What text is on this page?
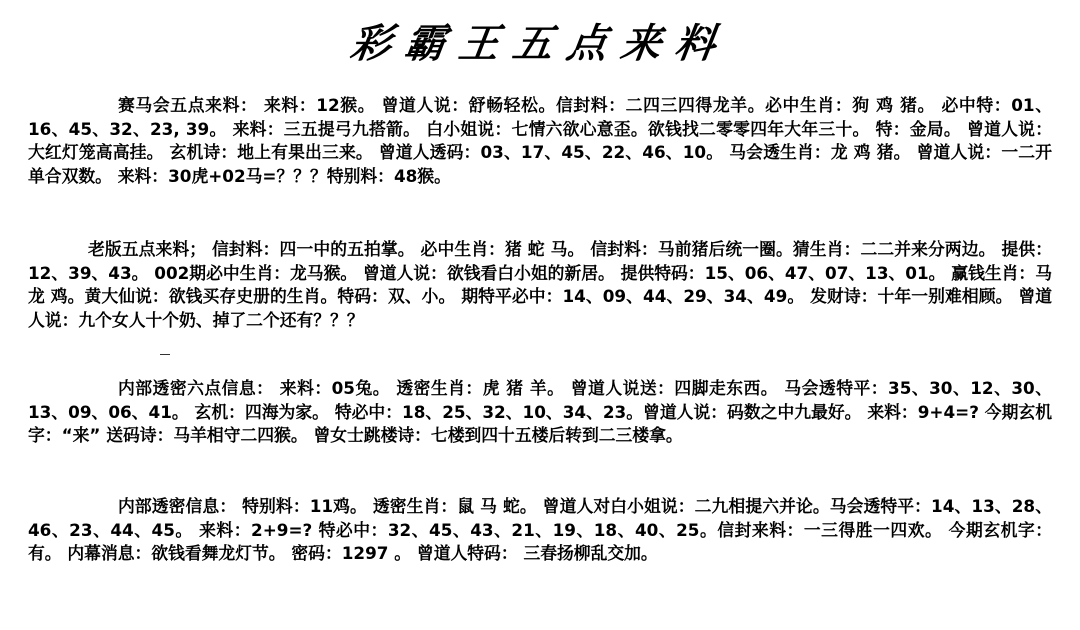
彩霸王五点来料
赛马会五点来料： 来料：12猴。 曾道人说：舒畅轻松。信封料：二四三四得龙羊。必中生肖：狗 鸡 猪。 必中特：01、16、45、32、23, 39。 来料：三五提弓九搭箭。 白小姐说：七情六欲心意歪。欲钱找二零零四年大年三十。 特：金局。 曾道人说：大红灯笼高高挂。 玄机诗：地上有果出三来。 曾道人透码：03、17、45、22、46、10。 马会透生肖：龙 鸡 猪。 曾道人说：一二开单合双数。 来料：30虎+02马=？？？特别料：48猴。
老版五点来料； 信封料：四一中的五拍掌。 必中生肖：猪 蛇 马。 信封料：马前猪后统一圈。猜生肖：二二并来分两边。 提供：12、39、43。 002期必中生肖：龙马猴。 曾道人说：欲钱看白小姐的新居。 提供特码：15、06、47、07、13、01。 赢钱生肖：马 龙 鸡。黄大仙说：欲钱买存史册的生肖。特码：双、小。 期特平必中：14、09、44、29、34、49。 发财诗：十年一别难相顾。 曾道人说：九个女人十个奶、掉了二个还有？？？
内部透密六点信息： 来料：05兔。 透密生肖：虎 猪 羊。 曾道人说送：四脚走东西。 马会透特平：35、30、12、30、13、09、06、41。 玄机：四海为家。 特必中：18、25、32、10、34、23。曾道人说：码数之中九最好。 来料：9+4=? 今期玄机字：“来” 送码诗：马羊相守二四猴。 曾女士跳楼诗：七楼到四十五楼后转到二三楼拿。
内部透密信息： 特别料：11鸡。 透密生肖：鼠 马 蛇。 曾道人对白小姐说：二九相提六并论。马会透特平：14、13、28、46、23、44、45。 来料：2+9=? 特必中：32、45、43、21、19、18、40、25。信封来料：一三得胜一四欢。 今期玄机字：有。 内幕消息：欲钱看舞龙灯节。 密码：1297 。 曾道人特码： 三春扬柳乱交加。
